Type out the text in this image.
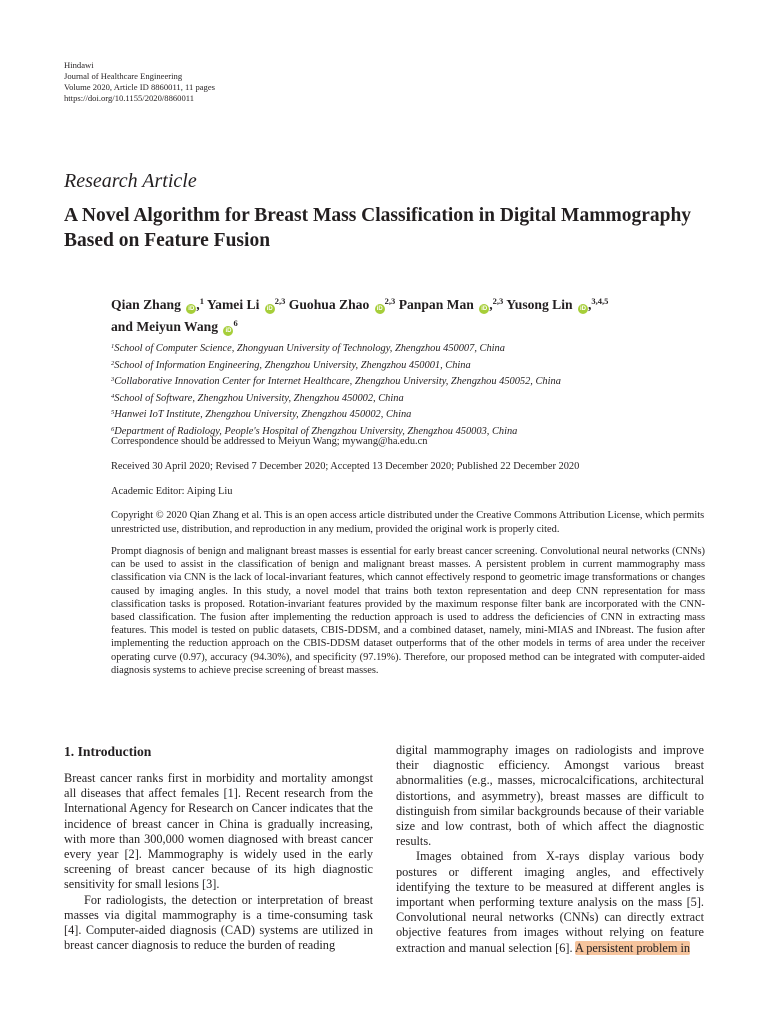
Hindawi
Journal of Healthcare Engineering
Volume 2020, Article ID 8860011, 11 pages
https://doi.org/10.1155/2020/8860011
Research Article
A Novel Algorithm for Breast Mass Classification in Digital Mammography Based on Feature Fusion
Qian Zhang iD ,$^1$ Yamei Li iD$^{2,3}$ Guohua Zhao iD$^{2,3}$ Panpan Man iD ,$^{2,3}$ Yusong Lin iD ,$^{3,4,5}$
and Meiyun Wang iD$^6$
$^1$School of Computer Science, Zhongyuan University of Technology, Zhengzhou 450007, China
$^2$School of Information Engineering, Zhengzhou University, Zhengzhou 450001, China
$^3$Collaborative Innovation Center for Internet Healthcare, Zhengzhou University, Zhengzhou 450052, China
$^4$School of Software, Zhengzhou University, Zhengzhou 450002, China
$^5$Hanwei IoT Institute, Zhengzhou University, Zhengzhou 450002, China
$^6$Department of Radiology, People's Hospital of Zhengzhou University, Zhengzhou 450003, China
Correspondence should be addressed to Meiyun Wang; mywang@ha.edu.cn
Received 30 April 2020; Revised 7 December 2020; Accepted 13 December 2020; Published 22 December 2020
Academic Editor: Aiping Liu
Copyright © 2020 Qian Zhang et al. This is an open access article distributed under the Creative Commons Attribution License, which permits unrestricted use, distribution, and reproduction in any medium, provided the original work is properly cited.
Prompt diagnosis of benign and malignant breast masses is essential for early breast cancer screening. Convolutional neural networks (CNNs) can be used to assist in the classification of benign and malignant breast masses. A persistent problem in current mammography mass classification via CNN is the lack of local-invariant features, which cannot effectively respond to geometric image transformations or changes caused by imaging angles. In this study, a novel model that trains both texton representation and deep CNN representation for mass classification tasks is proposed. Rotation-invariant features provided by the maximum response filter bank are incorporated with the CNN-based classification. The fusion after implementing the reduction approach is used to address the deficiencies of CNN in extracting mass features. This model is tested on public datasets, CBIS-DDSM, and a combined dataset, namely, mini-MIAS and INbreast. The fusion after implementing the reduction approach on the CBIS-DDSM dataset outperforms that of the other models in terms of area under the receiver operating curve (0.97), accuracy (94.30%), and specificity (97.19%). Therefore, our proposed method can be integrated with computer-aided diagnosis systems to achieve precise screening of breast masses.
1. Introduction

Breast cancer ranks first in morbidity and mortality amongst all diseases that affect females [1]. Recent research from the International Agency for Research on Cancer indicates that the incidence of breast cancer in China is gradually increasing, with more than 300,000 women diagnosed with breast cancer every year [2]. Mammography is widely used in the early screening of breast cancer because of its high diagnostic sensitivity for small lesions [3].

For radiologists, the detection or interpretation of breast masses via digital mammography is a time-consuming task [4]. Computer-aided diagnosis (CAD) systems are utilized in breast cancer diagnosis to reduce the burden of reading

digital mammography images on radiologists and improve their diagnostic efficiency. Amongst various breast abnormalities (e.g., masses, microcalcifications, architectural distortions, and asymmetry), breast masses are difficult to distinguish from similar backgrounds because of their variable size and low contrast, both of which affect the diagnostic results.

Images obtained from X-rays display various body postures or different imaging angles, and effectively identifying the texture to be measured at different angles is important when performing texture analysis on the mass [5]. Convolutional neural networks (CNNs) can directly extract objective features from images without relying on feature extraction and manual selection [6]. A persistent problem in
